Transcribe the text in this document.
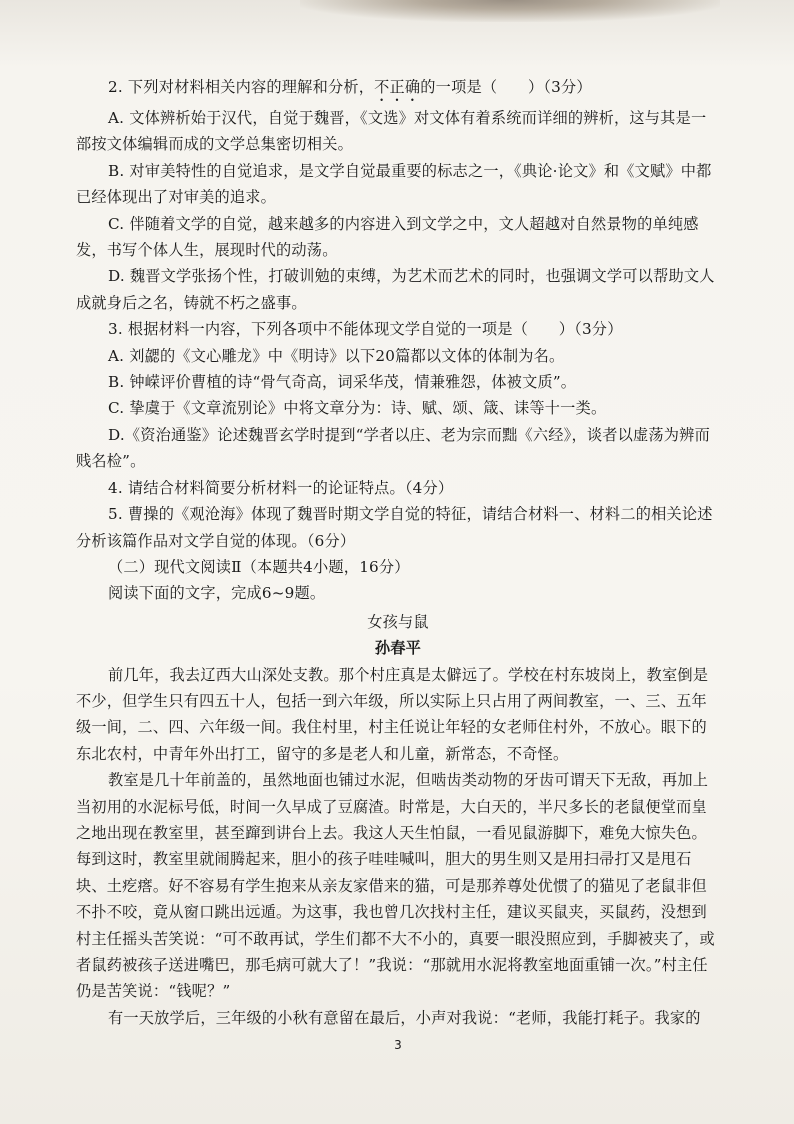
2. 下列对材料相关内容的理解和分析，不正确的一项是（　　）（3分）

A. 文体辨析始于汉代，自觉于魏晋，《文选》对文体有着系统而详细的辨析，这与其是一部按文体编辑而成的文学总集密切相关。

B. 对审美特性的自觉追求，是文学自觉最重要的标志之一，《典论·论文》和《文赋》中都已经体现出了对审美的追求。

C. 伴随着文学的自觉，越来越多的内容进入到文学之中，文人超越对自然景物的单纯感发，书写个体人生，展现时代的动荡。

D. 魏晋文学张扬个性，打破训勉的束缚，为艺术而艺术的同时，也强调文学可以帮助文人成就身后之名，铸就不朽之盛事。

3. 根据材料一内容，下列各项中不能体现文学自觉的一项是（　　）（3分）

A. 刘勰的《文心雕龙》中《明诗》以下20篇都以文体的体制为名。

B. 钟嵘评价曹植的诗“骨气奇高，词采华茂，情兼雅怨，体被文质”。

C. 挚虞于《文章流别论》中将文章分为：诗、赋、颂、箴、诔等十一类。

D.《资治通鉴》论述魏晋玄学时提到“学者以庄、老为宗而黜《六经》，谈者以虚荡为辨而贱名检”。

4. 请结合材料简要分析材料一的论证特点。（4分）

5. 曹操的《观沧海》体现了魏晋时期文学自觉的特征，请结合材料一、材料二的相关论述分析该篇作品对文学自觉的体现。（6分）

（二）现代文阅读Ⅱ（本题共4小题，16分）

阅读下面的文字，完成6~9题。

女孩与鼠

孙春平

前几年，我去辽西大山深处支教。那个村庄真是太僻远了。学校在村东坡岗上，教室倒是不少，但学生只有四五十人，包括一到六年级，所以实际上只占用了两间教室，一、三、五年级一间，二、四、六年级一间。我住村里，村主任说让年轻的女老师住村外，不放心。眼下的东北农村，中青年外出打工，留守的多是老人和儿童，新常态，不奇怪。

教室是几十年前盖的，虽然地面也铺过水泥，但啮齿类动物的牙齿可谓天下无敌，再加上当初用的水泥标号低，时间一久早成了豆腐渣。时常是，大白天的，半尺多长的老鼠便堂而皇之地出现在教室里，甚至蹿到讲台上去。我这人天生怕鼠，一看见鼠游脚下，难免大惊失色。每到这时，教室里就闹腾起来，胆小的孩子哇哇喊叫，胆大的男生则又是用扫帚打又是甩石块、土疙瘩。好不容易有学生抱来从亲友家借来的猫，可是那养尊处优惯了的猫见了老鼠非但不扑不咬，竟从窗口跳出远遁。为这事，我也曾几次找村主任，建议买鼠夹，买鼠药，没想到村主任摇头苦笑说：“可不敢再试，学生们都不大不小的，真要一眼没照应到，手脚被夹了，或者鼠药被孩子送进嘴巴，那毛病可就大了！”我说：“那就用水泥将教室地面重铺一次。”村主任仍是苦笑说：“钱呢？”

有一天放学后，三年级的小秋有意留在最后，小声对我说：“老师，我能打耗子。我家的

3
